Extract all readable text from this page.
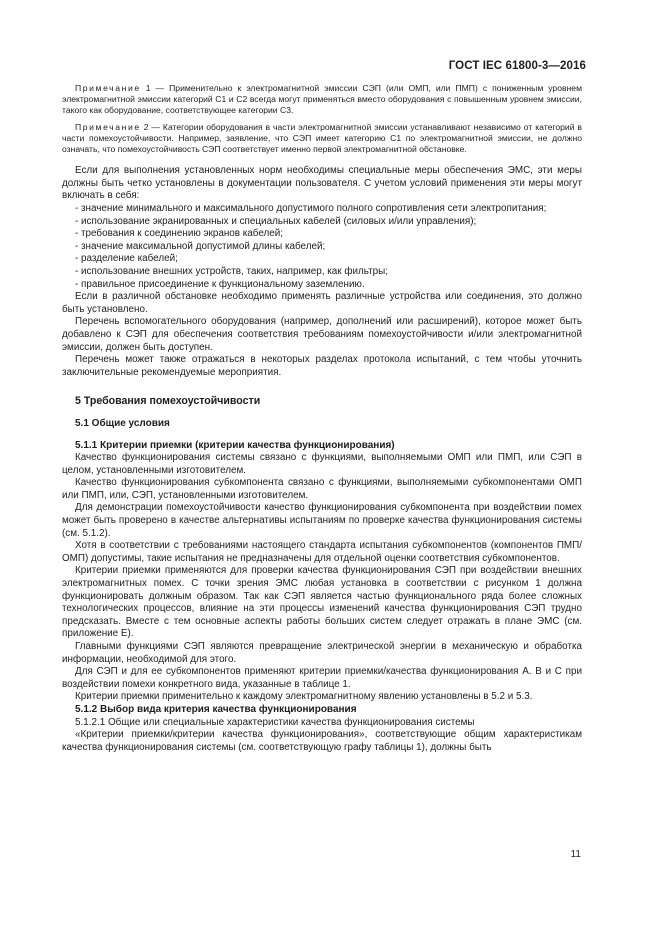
ГОСТ IEC 61800-3—2016

Примечание 1 — Применительно к электромагнитной эмиссии СЭП (или ОМП, или ПМП) с пониженным уровнем электромагнитной эмиссии категорий С1 и С2 всегда могут применяться вместо оборудования с повышенным уровнем эмиссии, такого как оборудование, соответствующее категории С3.

Примечание 2 — Категории оборудования в части электромагнитной эмиссии устанавливают независимо от категорий в части помехоустойчивости. Например, заявление, что СЭП имеет категорию С1 по электромагнитной эмиссии, не должно означать, что помехоустойчивость СЭП соответствует именно первой электромагнитной обстановке.

Если для выполнения установленных норм необходимы специальные меры обеспечения ЭМС, эти меры должны быть четко установлены в документации пользователя. С учетом условий применения эти меры могут включать в себя:

- значение минимального и максимального допустимого полного сопротивления сети электропитания;
- использование экранированных и специальных кабелей (силовых и/или управления);
- требования к соединению экранов кабелей;
- значение максимальной допустимой длины кабелей;
- разделение кабелей;
- использование внешних устройств, таких, например, как фильтры;
- правильное присоединение к функциональному заземлению.

Если в различной обстановке необходимо применять различные устройства или соединения, это должно быть установлено.

Перечень вспомогательного оборудования (например, дополнений или расширений), которое может быть добавлено к СЭП для обеспечения соответствия требованиям помехоустойчивости и/или электромагнитной эмиссии, должен быть доступен.

Перечень может также отражаться в некоторых разделах протокола испытаний, с тем чтобы уточнить заключительные рекомендуемые мероприятия.

5 Требования помехоустойчивости
5.1 Общие условия
5.1.1 Критерии приемки (критерии качества функционирования)

Качество функционирования системы связано с функциями, выполняемыми ОМП или ПМП, или СЭП в целом, установленными изготовителем.

Качество функционирования субкомпонента связано с функциями, выполняемыми субкомпонентами ОМП или ПМП, или, СЭП, установленными изготовителем.

Для демонстрации помехоустойчивости качество функционирования субкомпонента при воздействии помех может быть проверено в качестве альтернативы испытаниям по проверке качества функционирования системы (см. 5.1.2).

Хотя в соответствии с требованиями настоящего стандарта испытания субкомпонентов (компонентов ПМП/ОМП) допустимы, такие испытания не предназначены для отдельной оценки соответствия субкомпонентов.

Критерии приемки применяются для проверки качества функционирования СЭП при воздействии внешних электромагнитных помех. С точки зрения ЭМС любая установка в соответствии с рисунком 1 должна функционировать должным образом. Так как СЭП является частью функционального ряда более сложных технологических процессов, влияние на эти процессы изменений качества функционирования СЭП трудно предсказать. Вместе с тем основные аспекты работы больших систем следует отражать в плане ЭМС (см. приложение Е).

Главными функциями СЭП являются превращение электрической энергии в механическую и обработка информации, необходимой для этого.

Для СЭП и для ее субкомпонентов применяют критерии приемки/качества функционирования А. В и С при воздействии помехи конкретного вида, указанные в таблице 1.

Критерии приемки применительно к каждому электромагнитному явлению установлены в 5.2 и 5.3.

5.1.2 Выбор вида критерия качества функционирования

5.1.2.1 Общие или специальные характеристики качества функционирования системы

«Критерии приемки/критерии качества функционирования», соответствующие общим характеристикам качества функционирования системы (см. соответствующую графу таблицы 1), должны быть

11
